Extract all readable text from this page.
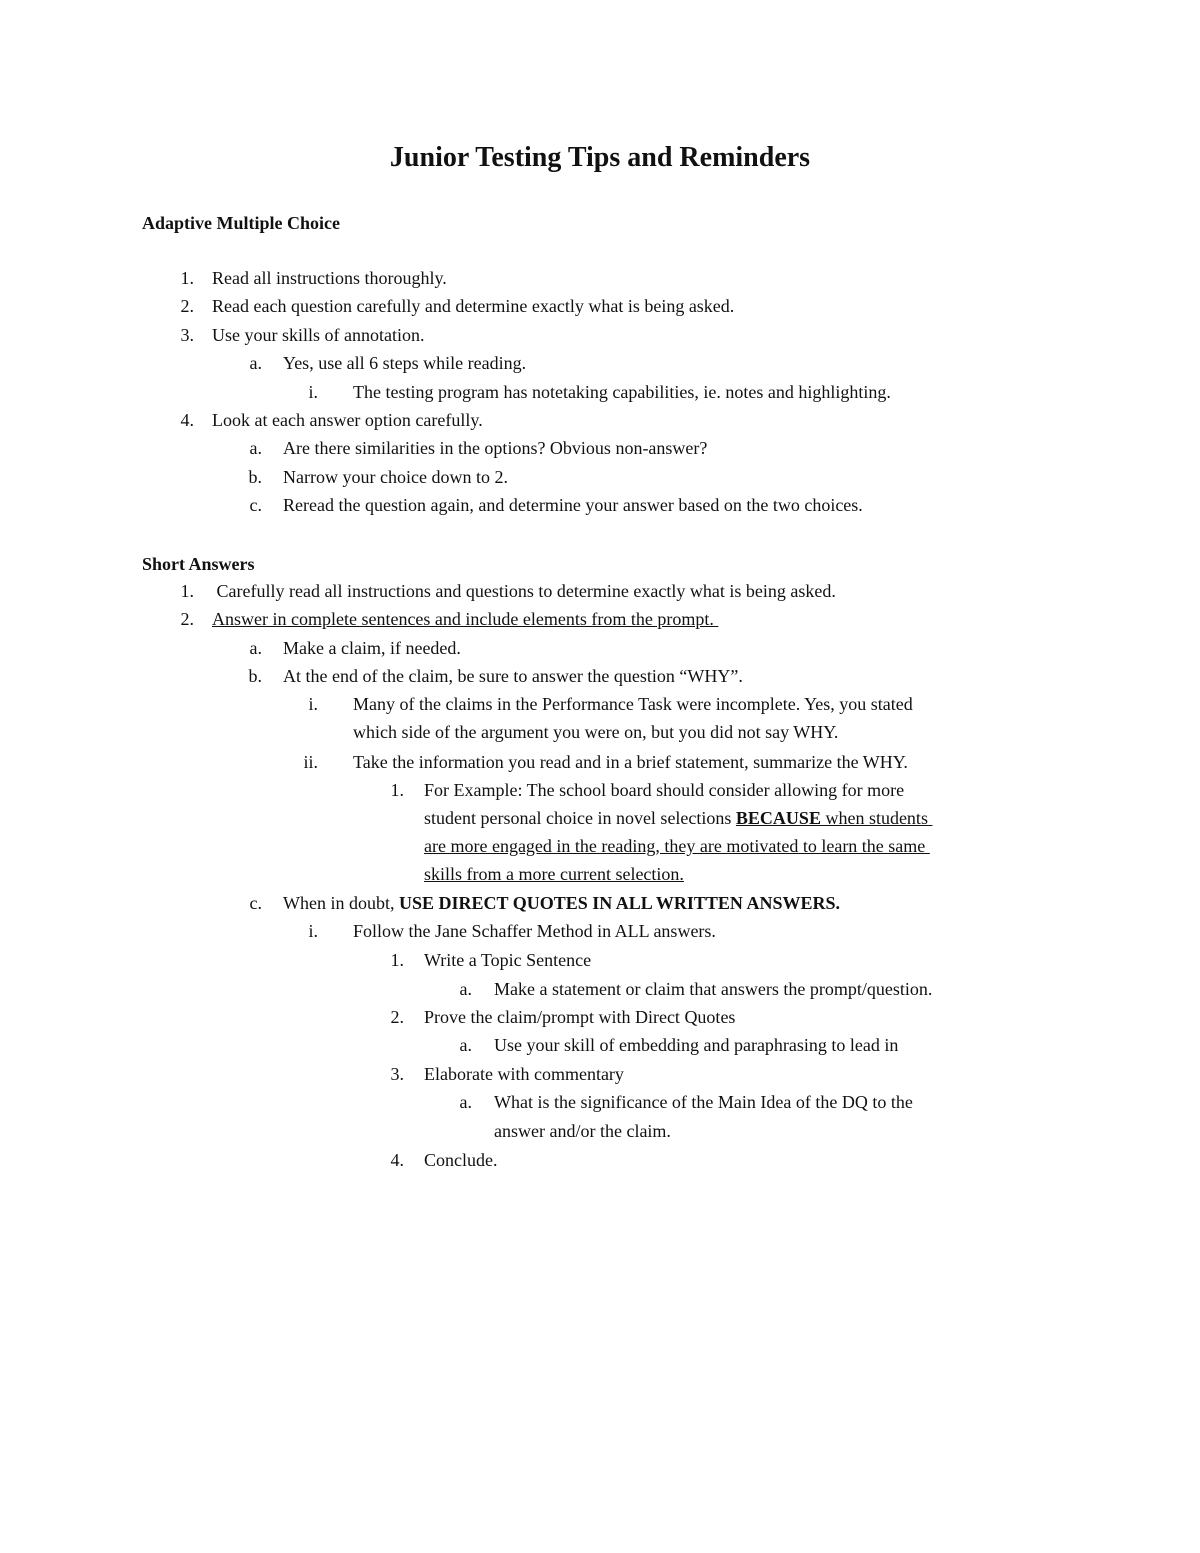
Junior Testing Tips and Reminders
Adaptive Multiple Choice
1. Read all instructions thoroughly.
2. Read each question carefully and determine exactly what is being asked.
3. Use your skills of annotation.
a. Yes, use all 6 steps while reading.
i. The testing program has notetaking capabilities, ie. notes and highlighting.
4. Look at each answer option carefully.
a. Are there similarities in the options? Obvious non-answer?
b. Narrow your choice down to 2.
c. Reread the question again, and determine your answer based on the two choices.
Short Answers
1. Carefully read all instructions and questions to determine exactly what is being asked.
2. Answer in complete sentences and include elements from the prompt.
a. Make a claim, if needed.
b. At the end of the claim, be sure to answer the question “WHY”.
i. Many of the claims in the Performance Task were incomplete. Yes, you stated
which side of the argument you were on, but you did not say WHY.
ii. Take the information you read and in a brief statement, summarize the WHY.
1. For Example: The school board should consider allowing for more
student personal choice in novel selections BECAUSE when students
are more engaged in the reading, they are motivated to learn the same
skills from a more current selection.
c. When in doubt, USE DIRECT QUOTES IN ALL WRITTEN ANSWERS.
i. Follow the Jane Schaffer Method in ALL answers.
1. Write a Topic Sentence
a. Make a statement or claim that answers the prompt/question.
2. Prove the claim/prompt with Direct Quotes
a. Use your skill of embedding and paraphrasing to lead in
3. Elaborate with commentary
a. What is the significance of the Main Idea of the DQ to the
answer and/or the claim.
4. Conclude.
